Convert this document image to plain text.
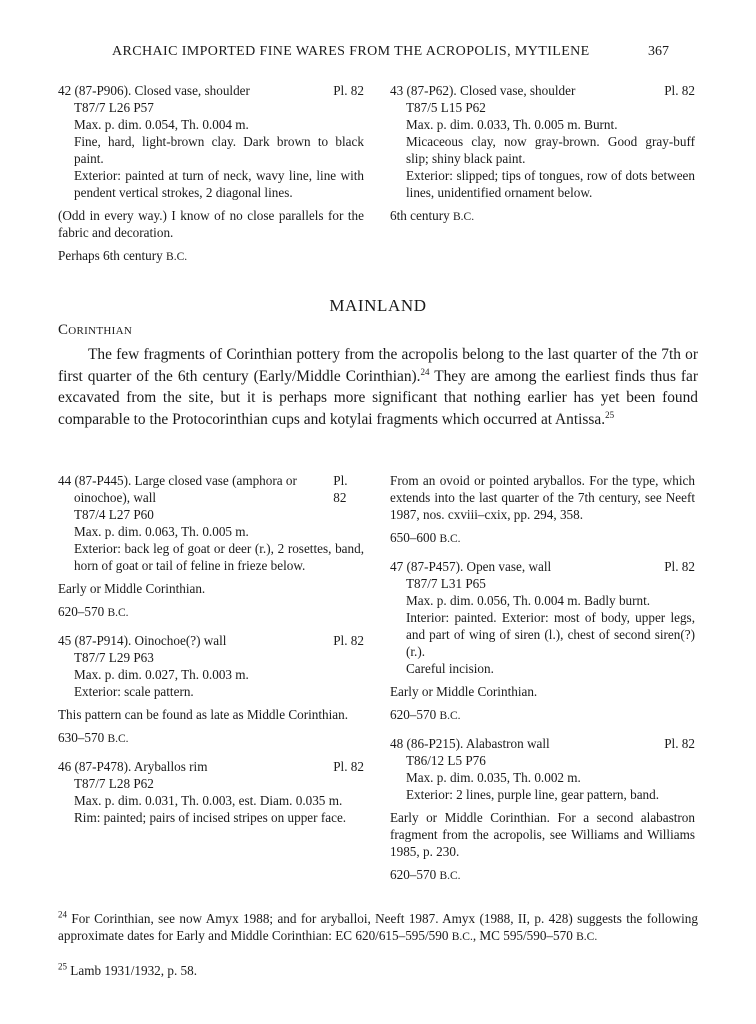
ARCHAIC IMPORTED FINE WARES FROM THE ACROPOLIS, MYTILENE	367
42 (87-P906). Closed vase, shoulder	Pl. 82

T87/7 L26 P57

Max. p. dim. 0.054, Th. 0.004 m.

Fine, hard, light-brown clay. Dark brown to black paint.

Exterior: painted at turn of neck, wavy line, line with pendent vertical strokes, 2 diagonal lines.

(Odd in every way.) I know of no close parallels for the fabric and decoration.

Perhaps 6th century B.C.

43 (87-P62). Closed vase, shoulder	Pl. 82

T87/5 L15 P62

Max. p. dim. 0.033, Th. 0.005 m. Burnt.

Micaceous clay, now gray-brown. Good gray-buff slip; shiny black paint.

Exterior: slipped; tips of tongues, row of dots between lines, unidentified ornament below.

6th century B.C.

MAINLAND
Corinthian

The few fragments of Corinthian pottery from the acropolis belong to the last quarter of the 7th or first quarter of the 6th century (Early/Middle Corinthian).$^{24}$ They are among the earliest finds thus far excavated from the site, but it is perhaps more significant that nothing earlier has yet been found comparable to the Protocorinthian cups and kotylai fragments which occurred at Antissa.$^{25}$

44 (87-P445). Large closed vase (amphora or oinochoe), wall
Pl. 82

T87/4 L27 P60

Max. p. dim. 0.063, Th. 0.005 m.

Exterior: back leg of goat or deer (r.), 2 rosettes, band, horn of goat or tail of feline in frieze below.

Early or Middle Corinthian.

620–570 B.C.

45 (87-P914). Oinochoe(?) wall	Pl. 82

T87/7 L29 P63

Max. p. dim. 0.027, Th. 0.003 m.

Exterior: scale pattern.

This pattern can be found as late as Middle Corinthian.

630–570 B.C.

46 (87-P478). Aryballos rim	Pl. 82

T87/7 L28 P62

Max. p. dim. 0.031, Th. 0.003, est. Diam. 0.035 m.

Rim: painted; pairs of incised stripes on upper face.

From an ovoid or pointed aryballos. For the type, which extends into the last quarter of the 7th century, see Neeft 1987, nos. cxviii–cxix, pp. 294, 358.

650–600 B.C.

47 (87-P457). Open vase, wall	Pl. 82

T87/7 L31 P65

Max. p. dim. 0.056, Th. 0.004 m. Badly burnt.

Interior: painted. Exterior: most of body, upper legs, and part of wing of siren (l.), chest of second siren(?) (r.).

Careful incision.

Early or Middle Corinthian.

620–570 B.C.

48 (86-P215). Alabastron wall	Pl. 82

T86/12 L5 P76

Max. p. dim. 0.035, Th. 0.002 m.

Exterior: 2 lines, purple line, gear pattern, band.

Early or Middle Corinthian. For a second alabastron fragment from the acropolis, see Williams and Williams 1985, p. 230.

620–570 B.C.

$^{24}$ For Corinthian, see now Amyx 1988; and for aryballoi, Neeft 1987. Amyx (1988, II, p. 428) suggests the following approximate dates for Early and Middle Corinthian: EC 620/615–595/590 B.C., MC 595/590–570 B.C.

$^{25}$ Lamb 1931/1932, p. 58.
